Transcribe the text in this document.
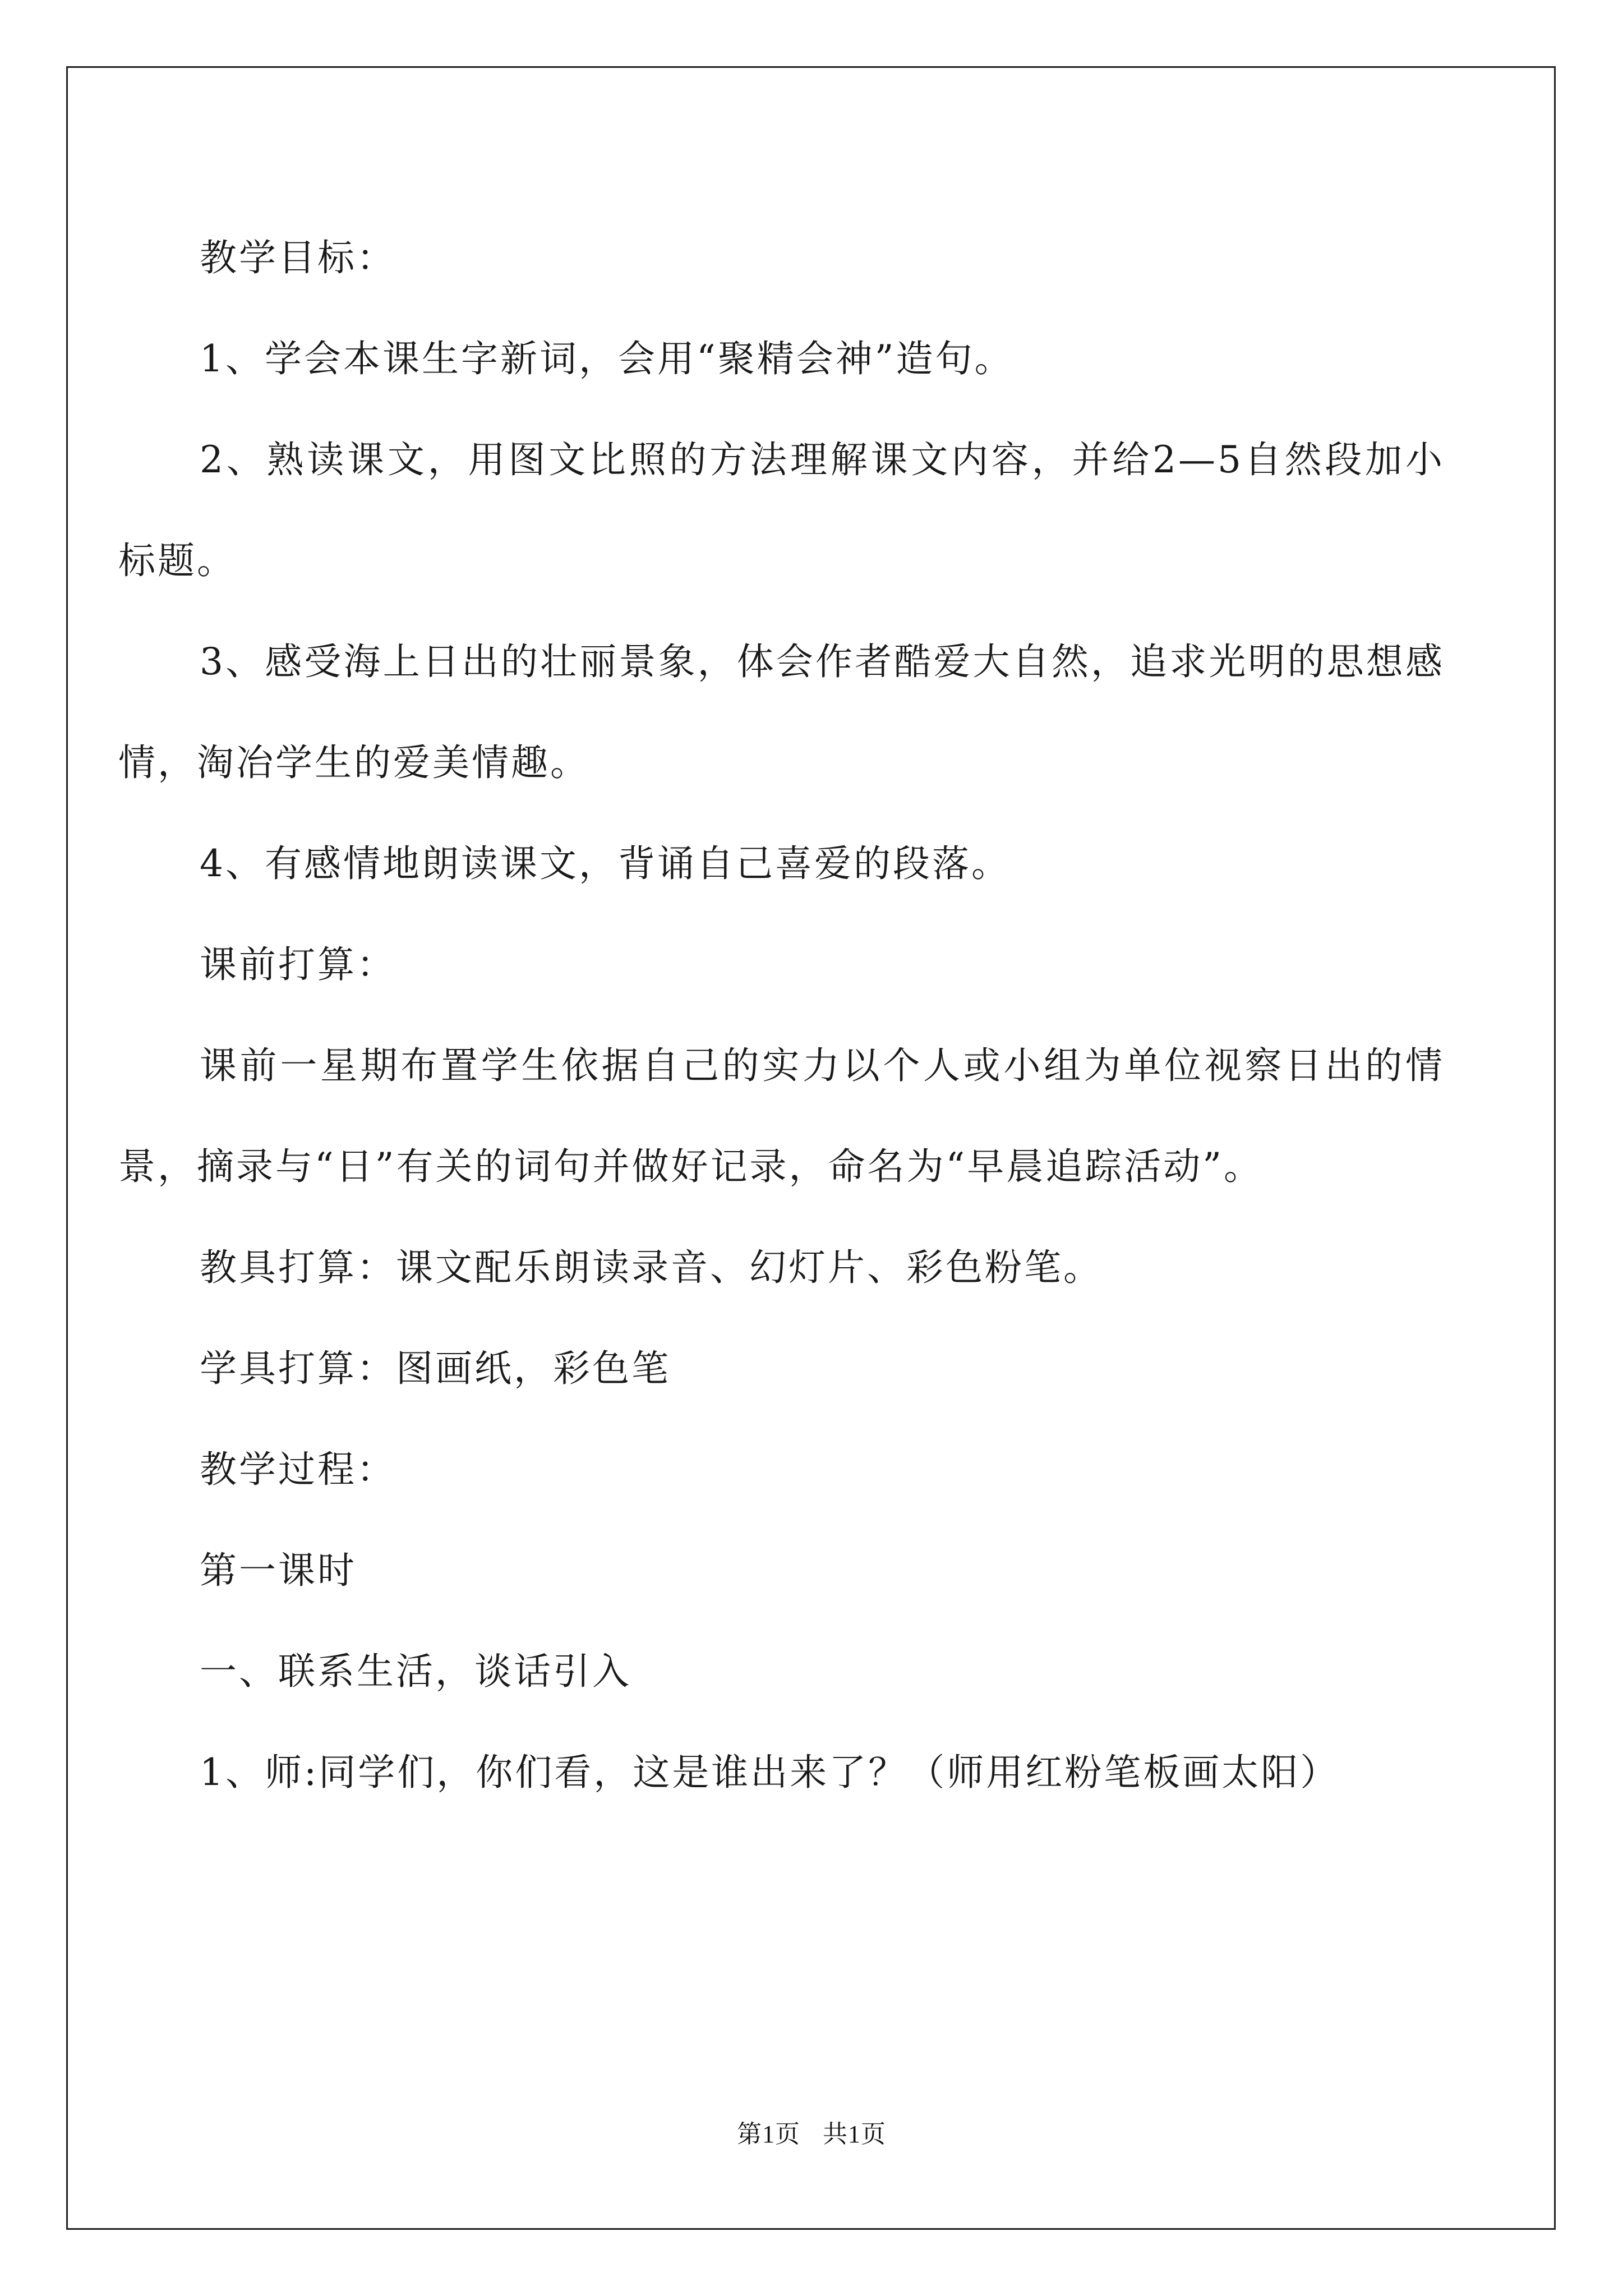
教学目标：

1、学会本课生字新词，会用“聚精会神”造句。

2、熟读课文，用图文比照的方法理解课文内容，并给2—5自然段加小标题。

3、感受海上日出的壮丽景象，体会作者酷爱大自然，追求光明的思想感情，淘冶学生的爱美情趣。

4、有感情地朗读课文，背诵自己喜爱的段落。

课前打算：

课前一星期布置学生依据自己的实力以个人或小组为单位视察日出的情景，摘录与“日”有关的词句并做好记录，命名为“早晨追踪活动”。

教具打算：课文配乐朗读录音、幻灯片、彩色粉笔。

学具打算：图画纸，彩色笔

教学过程：

第一课时

一、联系生活，谈话引入

1、师:同学们，你们看，这是谁出来了？（师用红粉笔板画太阳）

第1页 共1页
